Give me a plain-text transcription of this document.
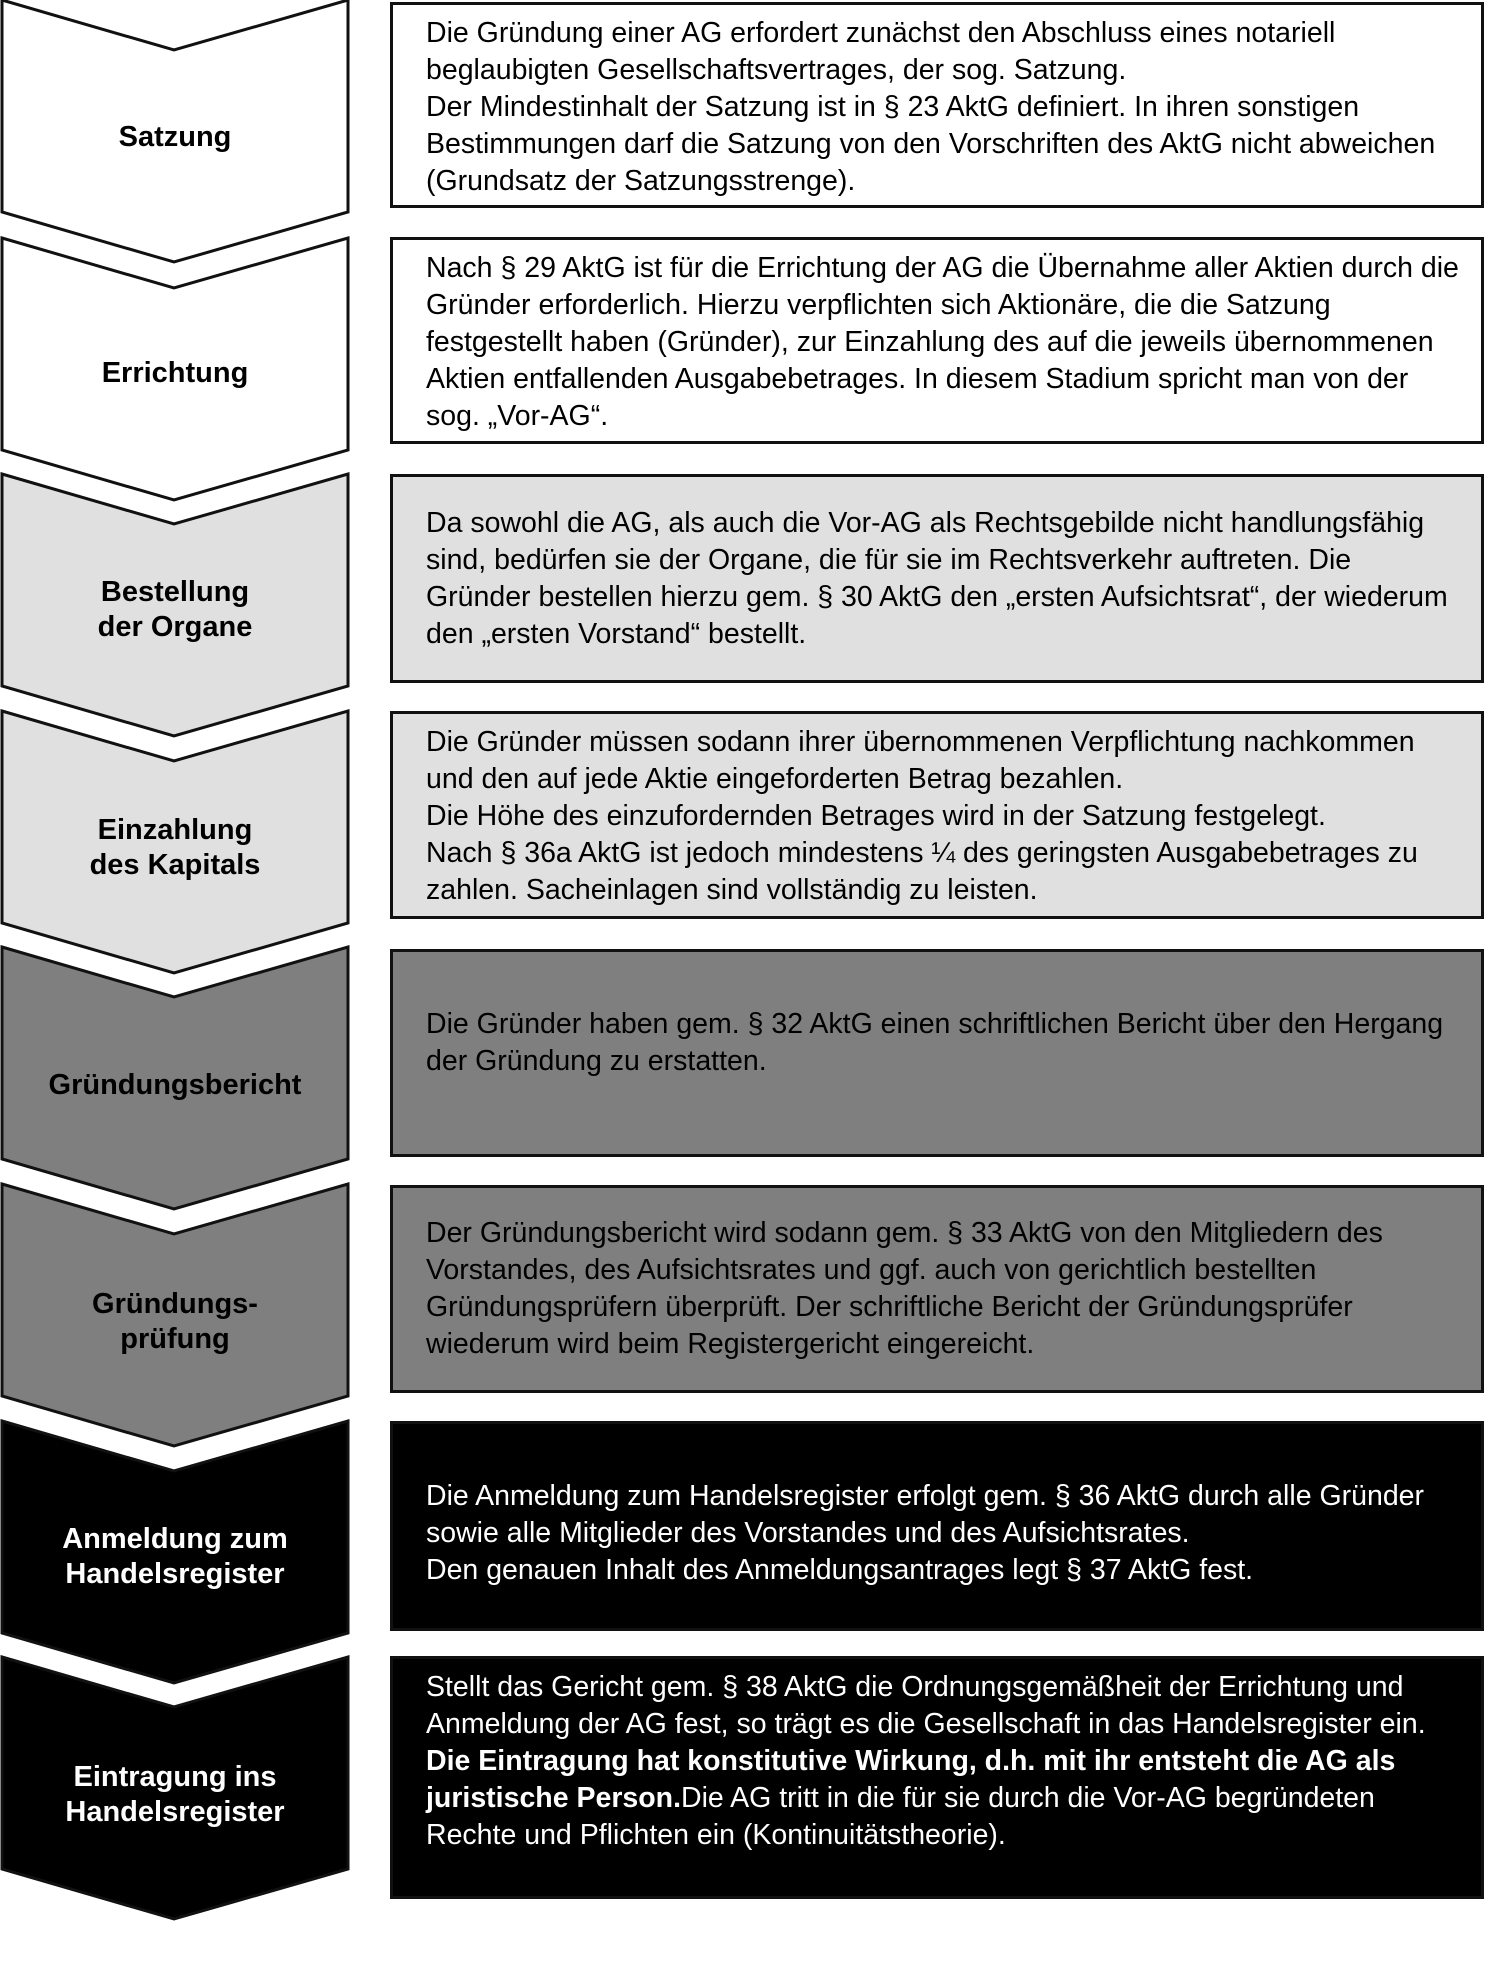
Satzung
Errichtung
Bestellung
der Organe
Einzahlung
des Kapitals
Gründungsbericht
Gründungs-
prüfung
Anmeldung zum
Handelsregister
Eintragung ins
Handelsregister
Die Gründung einer AG erfordert zunächst den Abschluss eines notariell beglaubigten Gesellschaftsvertrages, der sog. Satzung.
Der Mindestinhalt der Satzung ist in § 23 AktG definiert. In ihren sonstigen Bestimmungen darf die Satzung von den Vorschriften des AktG nicht abweichen (Grundsatz der Satzungsstrenge).
Nach § 29 AktG ist für die Errichtung der AG die Übernahme aller Aktien durch die Gründer erforderlich. Hierzu verpflichten sich Aktionäre, die die Satzung festgestellt haben (Gründer), zur Einzahlung des auf die jeweils übernommenen Aktien entfallenden Ausgabebetrages. In diesem Stadium spricht man von der sog. „Vor-AG“.
Da sowohl die AG, als auch die Vor-AG als Rechtsgebilde nicht handlungsfähig sind, bedürfen sie der Organe, die für sie im Rechtsverkehr auftreten. Die Gründer bestellen hierzu gem. § 30 AktG den „ersten Aufsichtsrat“, der wiederum den „ersten Vorstand“ bestellt.
Die Gründer müssen sodann ihrer übernommenen Verpflichtung nachkommen und den auf jede Aktie eingeforderten Betrag bezahlen.
Die Höhe des einzufordernden Betrages wird in der Satzung festgelegt.
Nach § 36a AktG ist jedoch mindestens ¼ des geringsten Ausgabebetrages zu zahlen. Sacheinlagen sind vollständig zu leisten.
Die Gründer haben gem. § 32 AktG einen schriftlichen Bericht über den Hergang der Gründung zu erstatten.
Der Gründungsbericht wird sodann gem. § 33 AktG von den Mitgliedern des Vorstandes, des Aufsichtsrates und ggf. auch von gerichtlich bestellten Gründungsprüfern überprüft. Der schriftliche Bericht der Gründungsprüfer wiederum wird beim Registergericht eingereicht.
Die Anmeldung zum Handelsregister erfolgt gem. § 36 AktG durch alle Gründer sowie alle Mitglieder des Vorstandes und des Aufsichtsrates.
Den genauen Inhalt des Anmeldungsantrages legt § 37 AktG fest.
Stellt das Gericht gem. § 38 AktG die Ordnungsgemäßheit der Errichtung und Anmeldung der AG fest, so trägt es die Gesellschaft in das Handelsregister ein. Die Eintragung hat konstitutive Wirkung, d.h. mit ihr entsteht die AG als juristische Person.Die AG tritt in die für sie durch die Vor-AG begründeten Rechte und Pflichten ein (Kontinuitätstheorie).
